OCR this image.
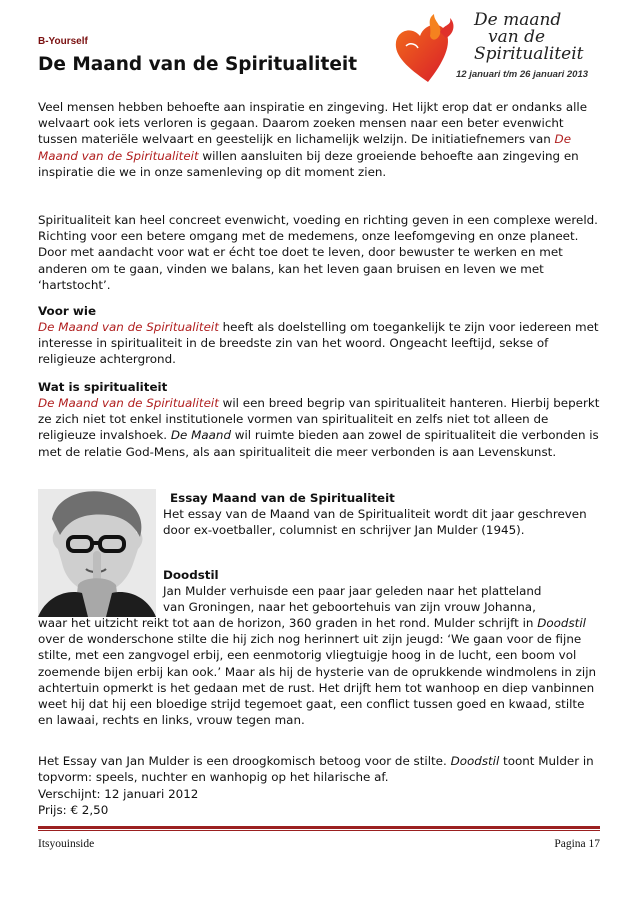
B-Yourself
De Maand van de Spiritualiteit
De maand
van de
Spiritualiteit
12 januari t/m 26 januari 2013

Veel mensen hebben behoefte aan inspiratie en zingeving. Het lijkt erop dat er ondanks alle welvaart ook iets verloren is gegaan. Daarom zoeken mensen naar een beter evenwicht tussen materiële welvaart en geestelijk en lichamelijk welzijn. De initiatiefnemers van De Maand van de Spiritualiteit willen aansluiten bij deze groeiende behoefte aan zingeving en inspiratie die we in onze samenleving op dit moment zien.

Spiritualiteit kan heel concreet evenwicht, voeding en richting geven in een complexe wereld. Richting voor een betere omgang met de medemens, onze leefomgeving en onze planeet. Door met aandacht voor wat er écht toe doet te leven, door bewuster te werken en met anderen om te gaan, vinden we balans, kan het leven gaan bruisen en leven we met ‘hartstocht’.

Voor wie

De Maand van de Spiritualiteit heeft als doelstelling om toegankelijk te zijn voor iedereen met interesse in spiritualiteit in de breedste zin van het woord. Ongeacht leeftijd, sekse of religieuze achtergrond.

Wat is spiritualiteit

De Maand van de Spiritualiteit wil een breed begrip van spiritualiteit hanteren. Hierbij beperkt ze zich niet tot enkel institutionele vormen van spiritualiteit en zelfs niet tot alleen de religieuze invalshoek. De Maand wil ruimte bieden aan zowel de spiritualiteit die verbonden is met de relatie God-Mens, als aan spiritualiteit die meer verbonden is aan Levenskunst.

Essay Maand van de Spiritualiteit

Het essay van de Maand van de Spiritualiteit wordt dit jaar geschreven door ex-voetballer, columnist en schrijver Jan Mulder (1945).

Doodstil
Jan Mulder verhuisde een paar jaar geleden naar het platteland
van Groningen, naar het geboortehuis van zijn vrouw Johanna,

waar het uitzicht reikt tot aan de horizon, 360 graden in het rond. Mulder schrijft in Doodstil over de wonderschone stilte die hij zich nog herinnert uit zijn jeugd: ‘We gaan voor de fijne stilte, met een zangvogel erbij, een eenmotorig vliegtuigje hoog in de lucht, een boom vol zoemende bijen erbij kan ook.’ Maar als hij de hysterie van de oprukkende windmolens in zijn achtertuin opmerkt is het gedaan met de rust. Het drijft hem tot wanhoop en diep vanbinnen weet hij dat hij een bloedige strijd tegemoet gaat, een conflict tussen goed en kwaad, stilte en lawaai, rechts en links, vrouw tegen man.

Het Essay van Jan Mulder is een droogkomisch betoog voor de stilte. Doodstil toont Mulder in topvorm: speels, nuchter en wanhopig op het hilarische af.

Verschijnt: 12 januari 2012
Prijs: € 2,50
Itsyouinside	Pagina 17
